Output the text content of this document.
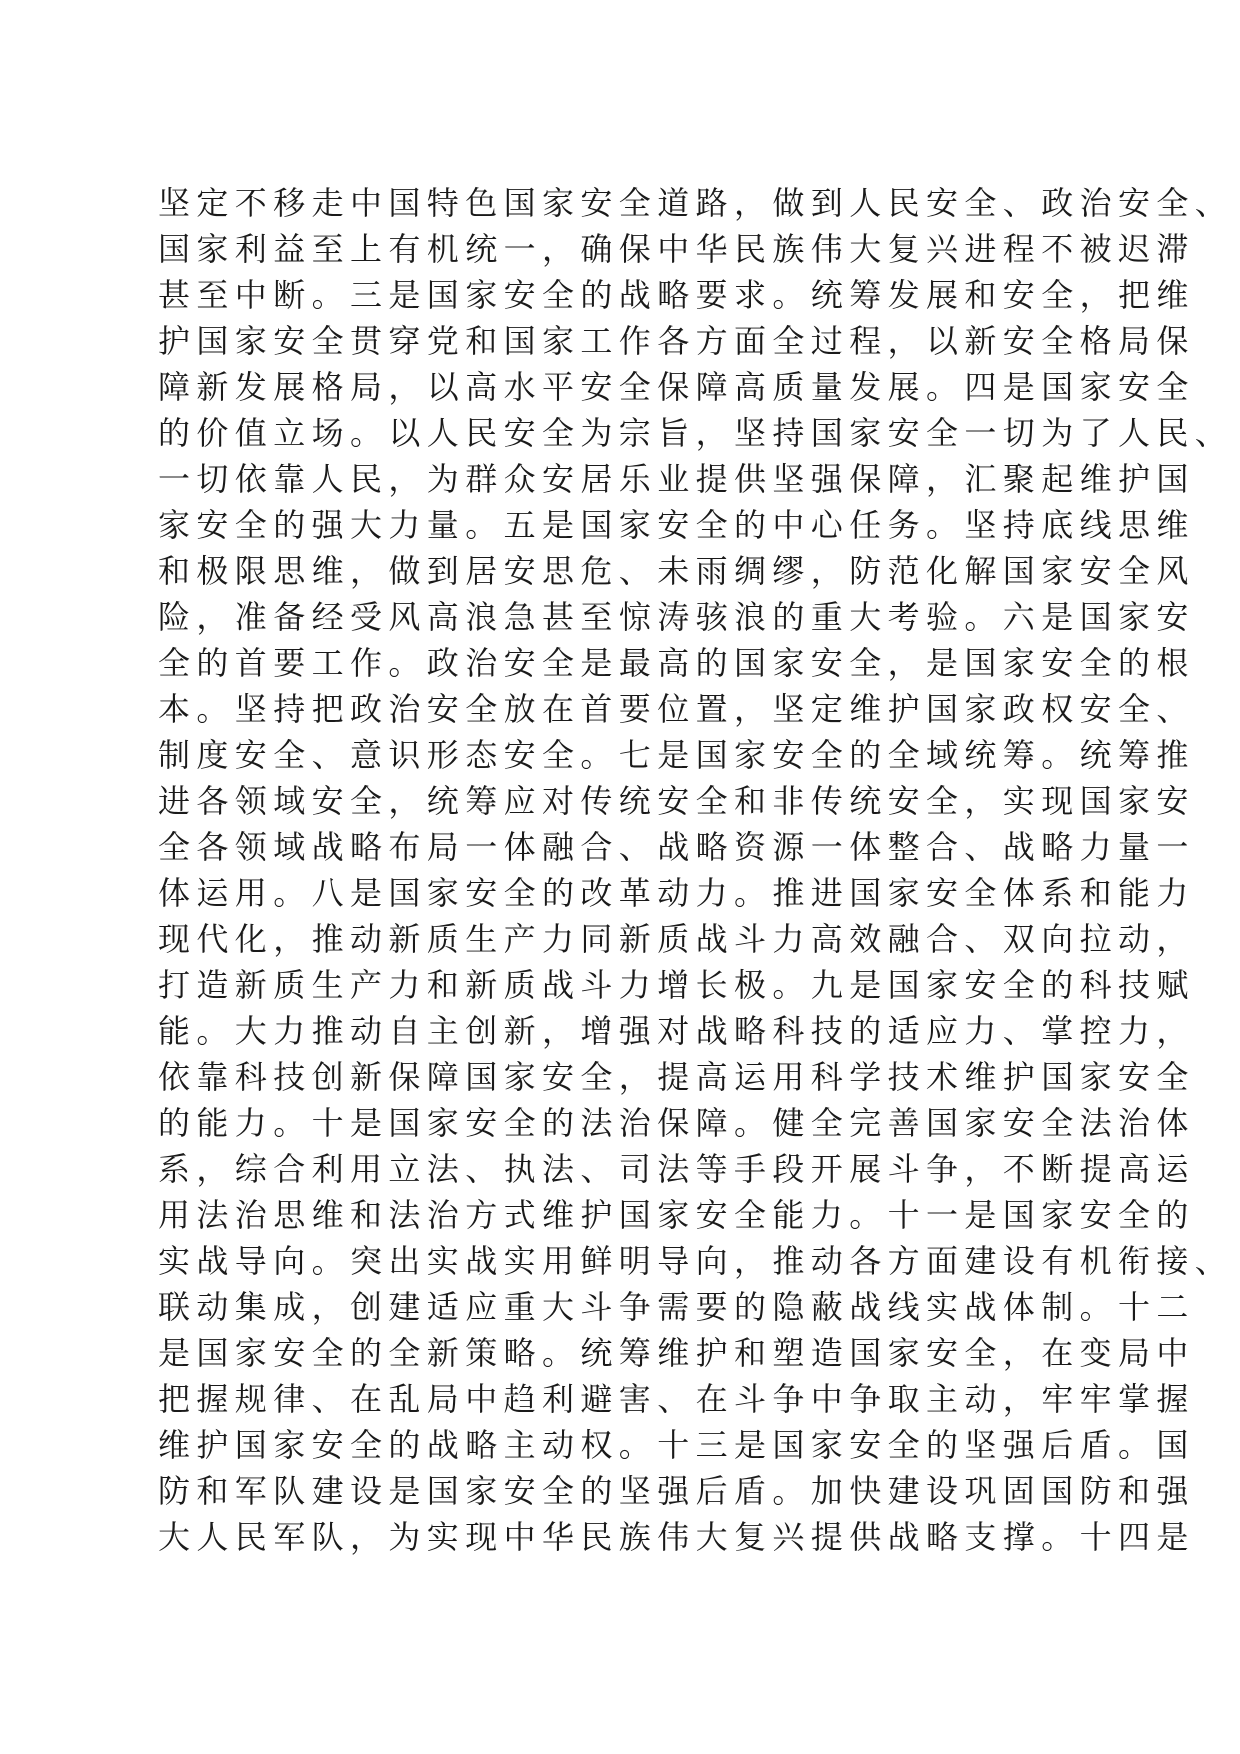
坚定不移走中国特色国家安全道路，做到人民安全、政治安全、
国家利益至上有机统一，确保中华民族伟大复兴进程不被迟滞
甚至中断。三是国家安全的战略要求。统筹发展和安全，把维
护国家安全贯穿党和国家工作各方面全过程，以新安全格局保
障新发展格局，以高水平安全保障高质量发展。四是国家安全
的价值立场。以人民安全为宗旨，坚持国家安全一切为了人民、
一切依靠人民，为群众安居乐业提供坚强保障，汇聚起维护国
家安全的强大力量。五是国家安全的中心任务。坚持底线思维
和极限思维，做到居安思危、未雨绸缪，防范化解国家安全风
险，准备经受风高浪急甚至惊涛骇浪的重大考验。六是国家安
全的首要工作。政治安全是最高的国家安全，是国家安全的根
本。坚持把政治安全放在首要位置，坚定维护国家政权安全、
制度安全、意识形态安全。七是国家安全的全域统筹。统筹推
进各领域安全，统筹应对传统安全和非传统安全，实现国家安
全各领域战略布局一体融合、战略资源一体整合、战略力量一
体运用。八是国家安全的改革动力。推进国家安全体系和能力
现代化，推动新质生产力同新质战斗力高效融合、双向拉动，
打造新质生产力和新质战斗力增长极。九是国家安全的科技赋
能。大力推动自主创新，增强对战略科技的适应力、掌控力，
依靠科技创新保障国家安全，提高运用科学技术维护国家安全
的能力。十是国家安全的法治保障。健全完善国家安全法治体
系，综合利用立法、执法、司法等手段开展斗争，不断提高运
用法治思维和法治方式维护国家安全能力。十一是国家安全的
实战导向。突出实战实用鲜明导向，推动各方面建设有机衔接、
联动集成，创建适应重大斗争需要的隐蔽战线实战体制。十二
是国家安全的全新策略。统筹维护和塑造国家安全，在变局中
把握规律、在乱局中趋利避害、在斗争中争取主动，牢牢掌握
维护国家安全的战略主动权。十三是国家安全的坚强后盾。国
防和军队建设是国家安全的坚强后盾。加快建设巩固国防和强
大人民军队，为实现中华民族伟大复兴提供战略支撑。十四是
